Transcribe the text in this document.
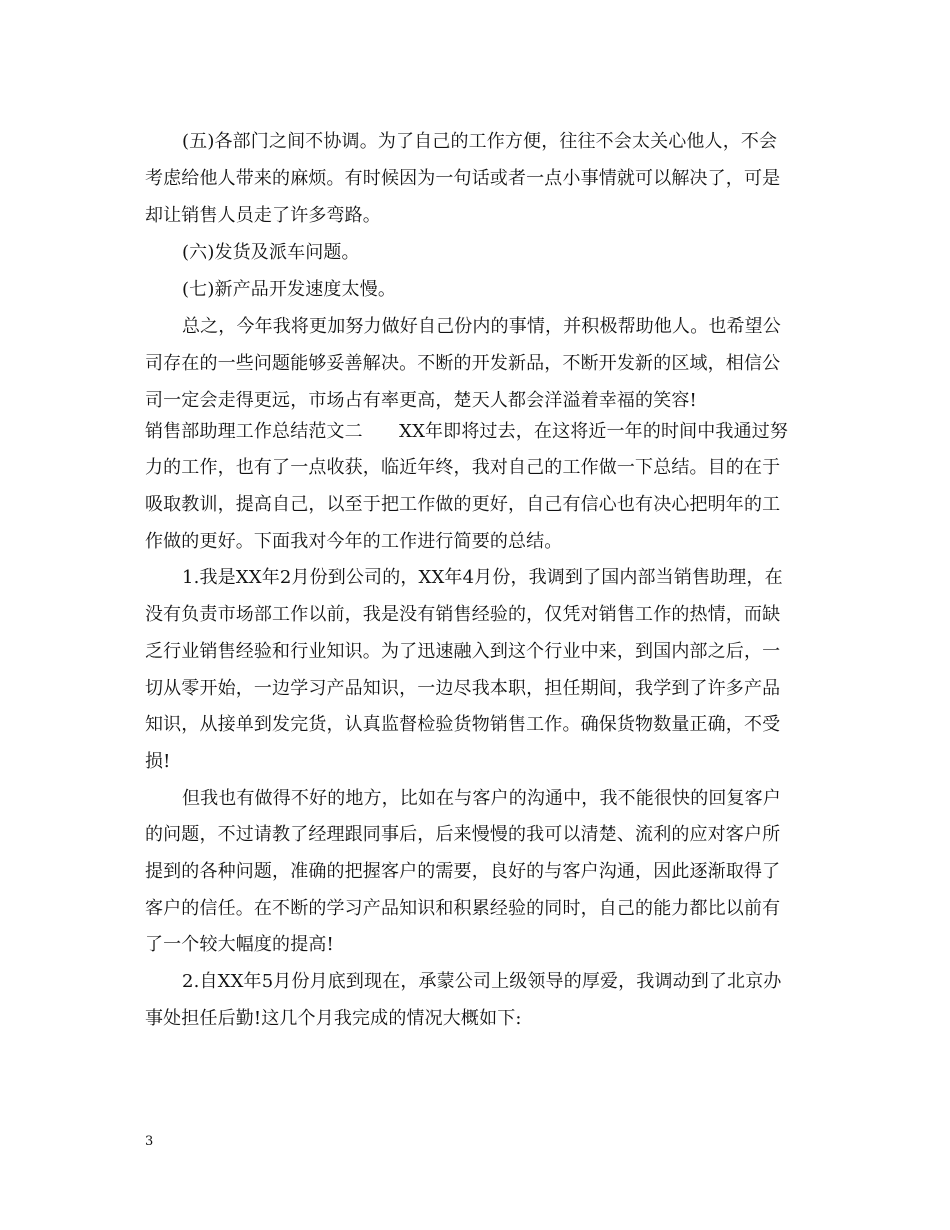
(五)各部门之间不协调。为了自己的工作方便，往往不会太关心他人，不会
考虑给他人带来的麻烦。有时候因为一句话或者一点小事情就可以解决了，可是
却让销售人员走了许多弯路。
(六)发货及派车问题。
(七)新产品开发速度太慢。
总之，今年我将更加努力做好自己份内的事情，并积极帮助他人。也希望公
司存在的一些问题能够妥善解决。不断的开发新品，不断开发新的区域，相信公
司一定会走得更远，市场占有率更高，楚天人都会洋溢着幸福的笑容!
销售部助理工作总结范文二　　XX年即将过去，在这将近一年的时间中我通过努
力的工作，也有了一点收获，临近年终，我对自己的工作做一下总结。目的在于
吸取教训，提高自己，以至于把工作做的更好，自己有信心也有决心把明年的工
作做的更好。下面我对今年的工作进行简要的总结。
1.我是XX年2月份到公司的，XX年4月份，我调到了国内部当销售助理，在
没有负责市场部工作以前，我是没有销售经验的，仅凭对销售工作的热情，而缺
乏行业销售经验和行业知识。为了迅速融入到这个行业中来，到国内部之后，一
切从零开始，一边学习产品知识，一边尽我本职，担任期间，我学到了许多产品
知识，从接单到发完货，认真监督检验货物销售工作。确保货物数量正确，不受
损!
但我也有做得不好的地方，比如在与客户的沟通中，我不能很快的回复客户
的问题，不过请教了经理跟同事后，后来慢慢的我可以清楚、流利的应对客户所
提到的各种问题，准确的把握客户的需要，良好的与客户沟通，因此逐渐取得了
客户的信任。在不断的学习产品知识和积累经验的同时，自己的能力都比以前有
了一个较大幅度的提高!
2.自XX年5月份月底到现在，承蒙公司上级领导的厚爱，我调动到了北京办
事处担任后勤!这几个月我完成的情况大概如下:
3
